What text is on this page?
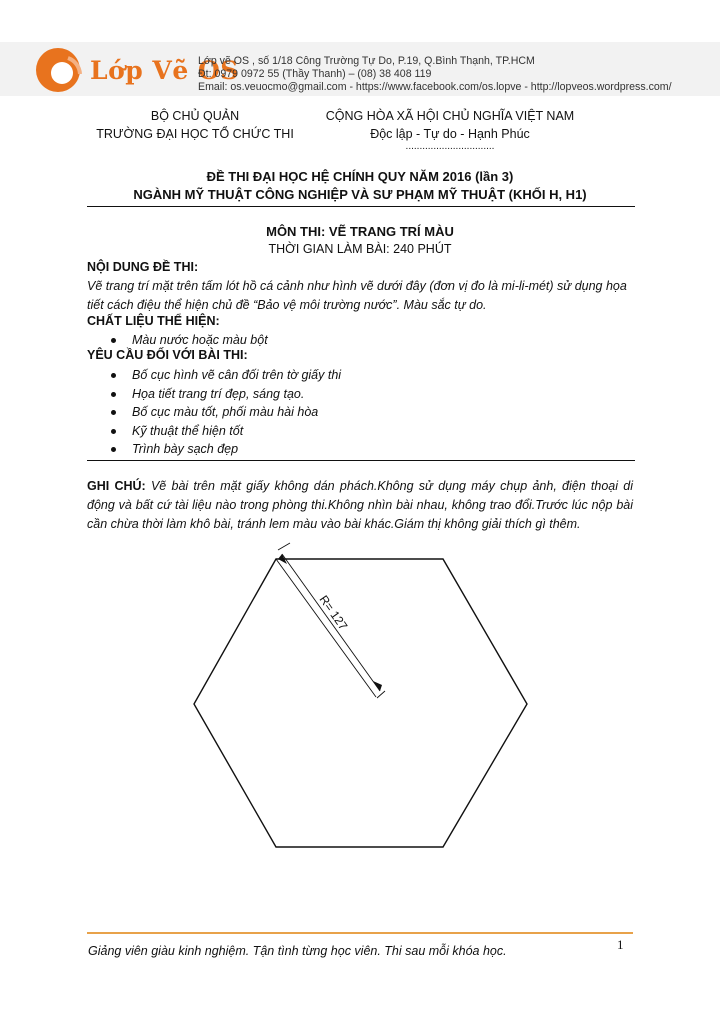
Lớp Vẽ OS
Lớp vẽ OS , số 1/18 Công Trường Tự Do, P.19, Q.Bình Thạnh, TP.HCM
Đt: 0979 0972 55 (Thầy Thanh) – (08) 38 408 119
Email: os.veuocmo@gmail.com - https://www.facebook.com/os.lopve - http://lopveos.wordpress.com/
BỘ CHỦ QUẢN
TRƯỜNG ĐẠI HỌC TỔ CHỨC THI
CỘNG HÒA XÃ HỘI CHỦ NGHĨA VIỆT NAM
Độc lập - Tự do - Hạnh Phúc
................................
ĐỀ THI ĐẠI HỌC HỆ CHÍNH QUY NĂM 2016 (lần 3)
NGÀNH MỸ THUẬT CÔNG NGHIỆP VÀ SƯ PHẠM MỸ THUẬT (KHỐI H, H1)
MÔN THI: VẼ TRANG TRÍ MÀU
THỜI GIAN LÀM BÀI: 240 PHÚT
NỘI DUNG ĐỀ THI:
Vẽ trang trí mặt trên tấm lót hồ cá cảnh như hình vẽ dưới đây (đơn vị đo là mi-li-mét) sử dụng họa tiết cách điệu thể hiện chủ đề “Bảo vệ môi trường nước”. Màu sắc tự do.
CHẤT LIỆU THỂ HIỆN:
Màu nước hoặc màu bột
YÊU CẦU ĐỐI VỚI BÀI THI:
Bố cục hình vẽ cân đối trên tờ giấy thi
Họa tiết trang trí đẹp, sáng tạo.
Bố cục màu tốt, phối màu hài hòa
Kỹ thuật thể hiện tốt
Trình bày sạch đẹp
GHI CHÚ: Vẽ bài trên mặt giấy không dán phách.Không sử dụng máy chụp ảnh, điện thoại di động và bất cứ tài liệu nào trong phòng thi.Không nhìn bài nhau, không trao đổi.Trước lúc nộp bài cần chừa thời làm khô bài, tránh lem màu vào bài khác.Giám thị không giải thích gì thêm.
R= 127
Giảng viên giàu kinh nghiệm. Tận tình từng học viên. Thi sau mỗi khóa học.	1
